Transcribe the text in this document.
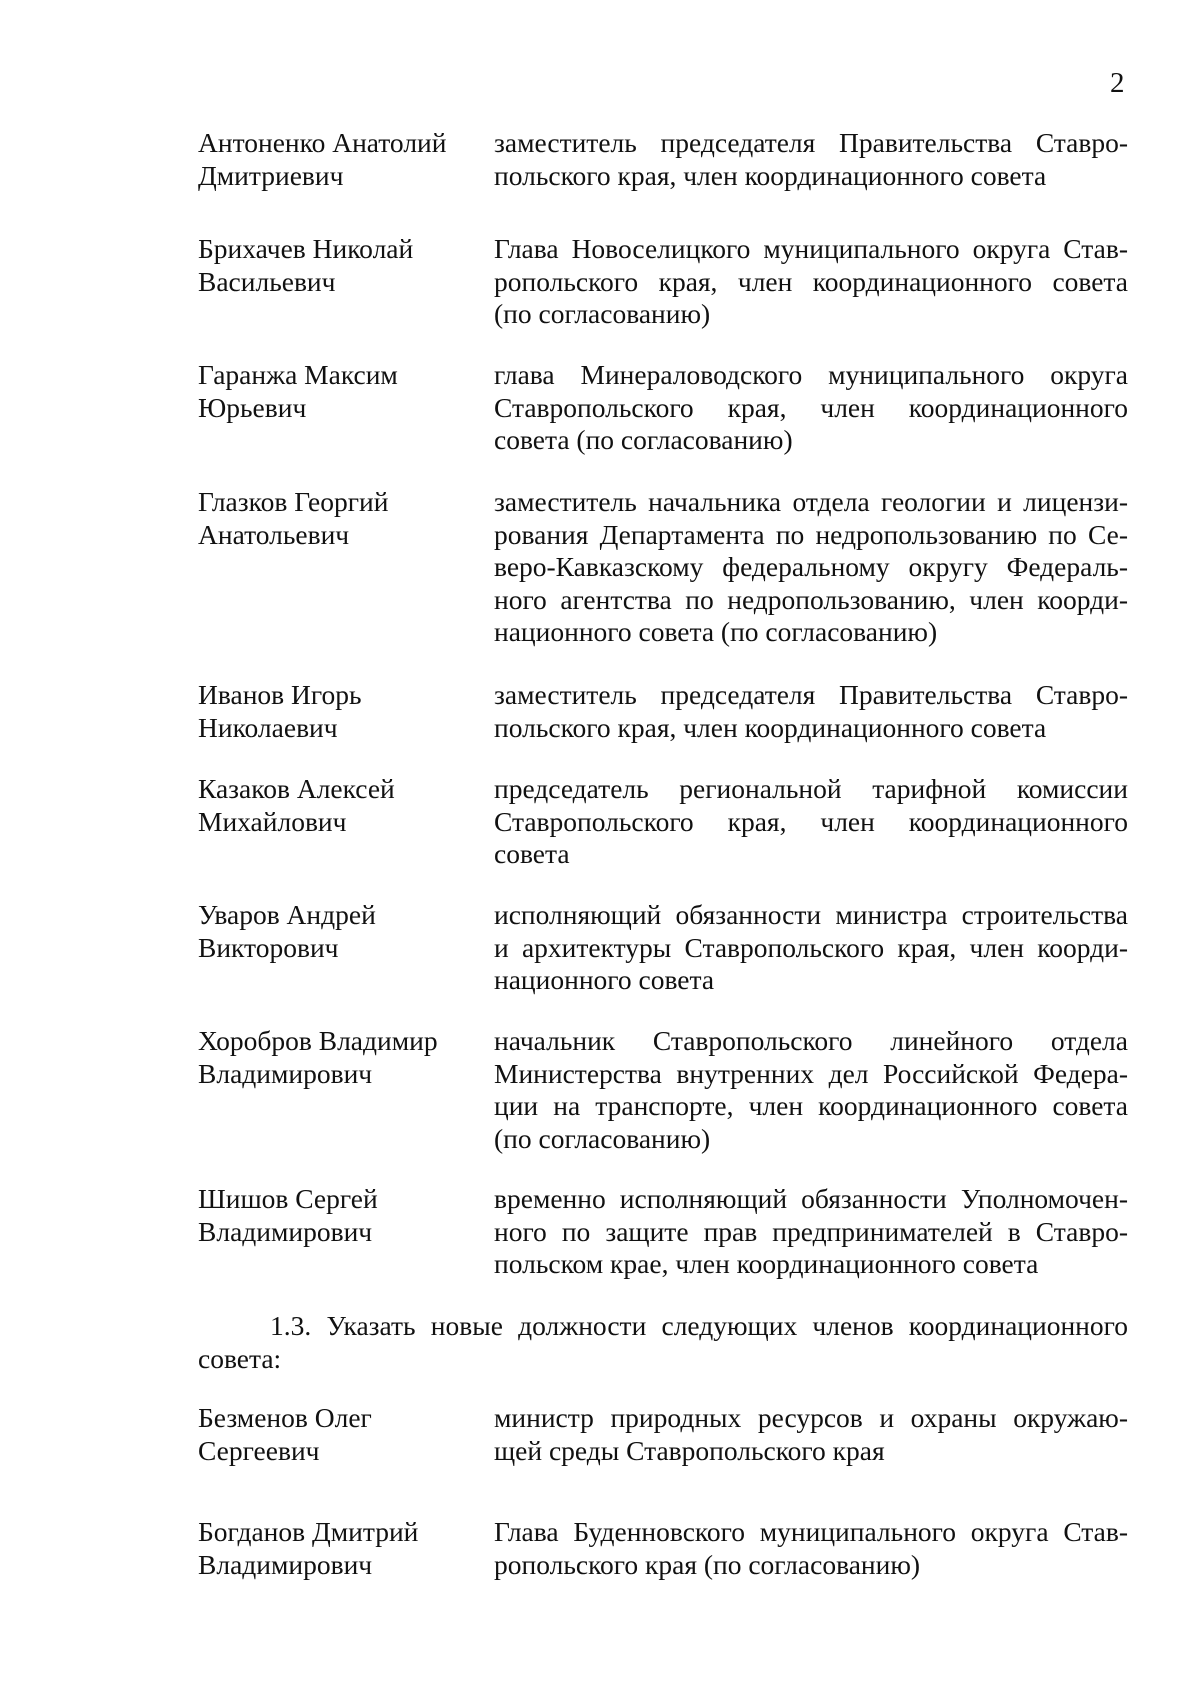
2
Антоненко Анатолий
Дмитриевич
заместитель председателя Правительства Ставро-
польского края, член координационного совета
Брихачев Николай
Васильевич
Глава Новоселицкого муниципального округа Став-
ропольского края, член координационного совета
(по согласованию)
Гаранжа Максим
Юрьевич
глава Минераловодского муниципального округа
Ставропольского края, член координационного
совета (по согласованию)
Глазков Георгий
Анатольевич
заместитель начальника отдела геологии и лицензи-
рования Департамента по недропользованию по Се-
веро-Кавказскому федеральному округу Федераль-
ного агентства по недропользованию, член коорди-
национного совета (по согласованию)
Иванов Игорь
Николаевич
заместитель председателя Правительства Ставро-
польского края, член координационного совета
Казаков Алексей
Михайлович
председатель региональной тарифной комиссии
Ставропольского края, член координационного
совета
Уваров Андрей
Викторович
исполняющий обязанности министра строительства
и архитектуры Ставропольского края, член коорди-
национного совета
Хоробров Владимир
Владимирович
начальник Ставропольского линейного отдела
Министерства внутренних дел Российской Федера-
ции на транспорте, член координационного совета
(по согласованию)
Шишов Сергей
Владимирович
временно исполняющий обязанности Уполномочен-
ного по защите прав предпринимателей в Ставро-
польском крае, член координационного совета
1.3. Указать новые должности следующих членов координационного
совета:
Безменов Олег
Сергеевич
министр природных ресурсов и охраны окружаю-
щей среды Ставропольского края
Богданов Дмитрий
Владимирович
Глава Буденновского муниципального округа Став-
ропольского края (по согласованию)
